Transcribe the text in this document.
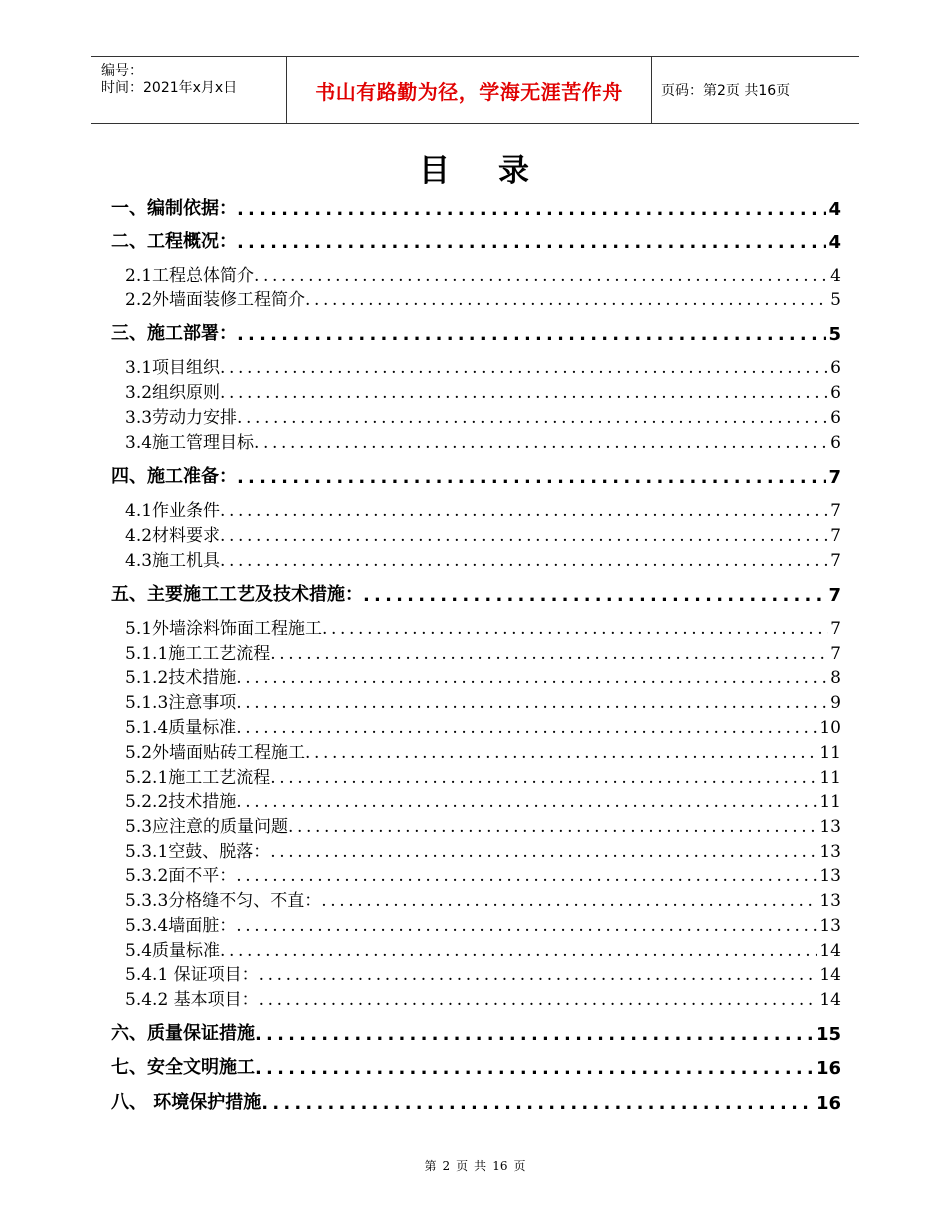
编号：
时间：2021年x月x日	书山有路勤为径，学海无涯苦作舟	页码：第2页 共16页
目 录
一、编制依据： .....	4
二、工程概况： .....	4
2.1工程总体简介 .....	4
2.2外墙面装修工程简介 .....	5
三、施工部署： .....	5
3.1项目组织 .....	6
3.2组织原则 .....	6
3.3劳动力安排 .....	6
3.4施工管理目标 .....	6
四、施工准备： .....	7
4.1作业条件 .....	7
4.2材料要求 .....	7
4.3施工机具 .....	7
五、主要施工工艺及技术措施： .....	7
5.1外墙涂料饰面工程施工 .....	7
5.1.1施工工艺流程 .....	7
5.1.2技术措施 .....	8
5.1.3注意事项 .....	9
5.1.4质量标准 .....	10
5.2外墙面贴砖工程施工 .....	11
5.2.1施工工艺流程 .....	11
5.2.2技术措施 .....	11
5.3应注意的质量问题 .....	13
5.3.1空鼓、脱落： .....	13
5.3.2面不平： .....	13
5.3.3分格缝不匀、不直： .....	13
5.3.4墙面脏： .....	13
5.4质量标准 .....	14
5.4.1 保证项目： .....	14
5.4.2 基本项目： .....	14
六、质量保证措施 .....	15
七、安全文明施工 .....	16
八、 环境保护措施 .....	16
第 2 页 共 16 页
